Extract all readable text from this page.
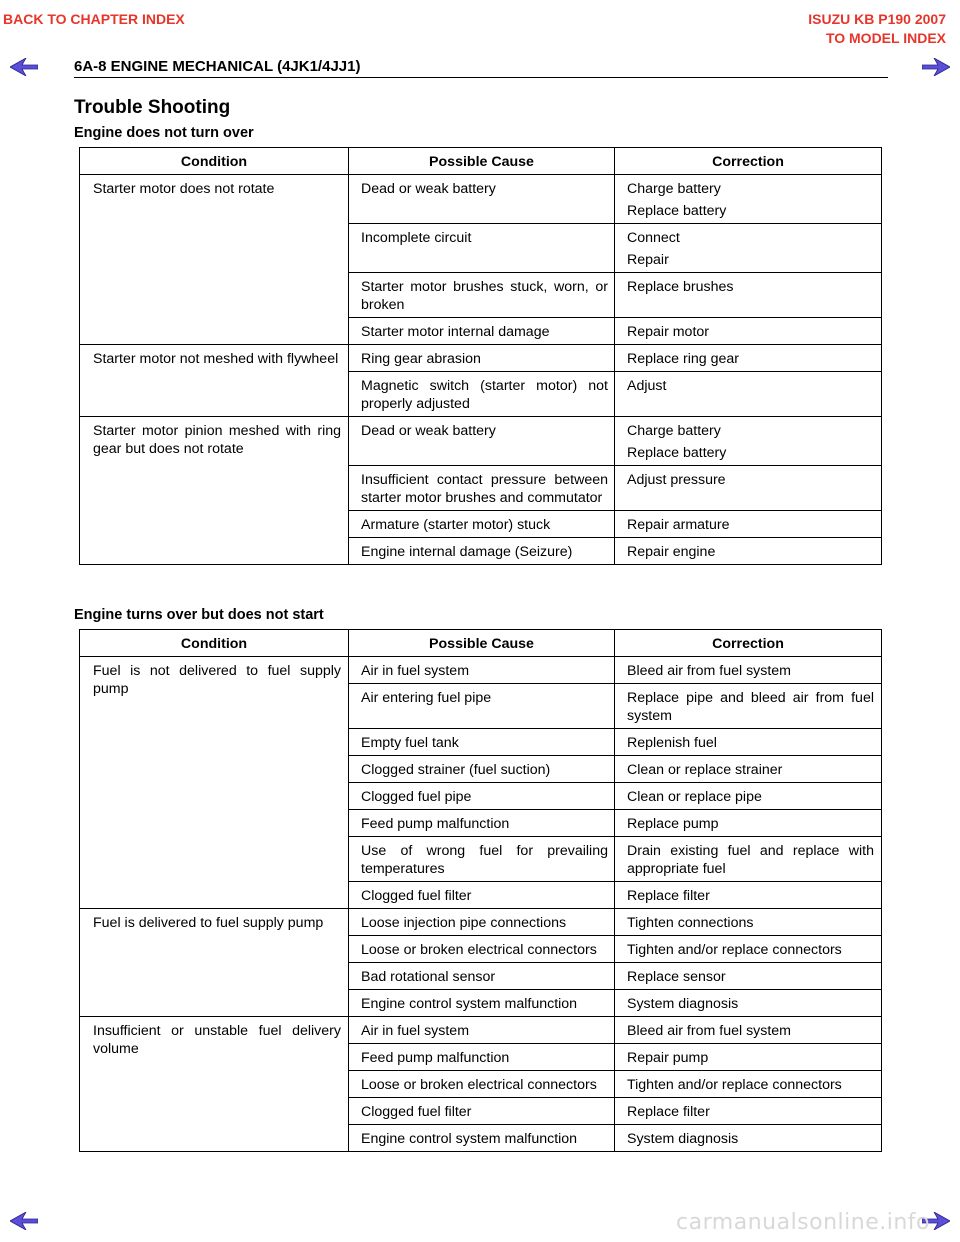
BACK TO CHAPTER INDEX	ISUZU KB P190 2007
TO MODEL INDEX
6A-8 ENGINE MECHANICAL (4JK1/4JJ1)
Trouble Shooting
Engine does not turn over
Condition	Possible Cause	Correction
Starter motor does not rotate	Dead or weak battery	Charge battery
Replace battery

	Incomplete circuit	Connect
Repair

	Starter motor brushes stuck, worn, or broken	Replace brushes

	Starter motor internal damage	Repair motor

Starter motor not meshed with flywheel	Ring gear abrasion	Replace ring gear

	Magnetic switch (starter motor) not properly adjusted	Adjust

Starter motor pinion meshed with ring gear but does not rotate	Dead or weak battery	Charge battery
Replace battery

	Insufficient contact pressure between starter motor brushes and commutator	Adjust pressure

	Armature (starter motor) stuck	Repair armature

	Engine internal damage (Seizure)	Repair engine
Engine turns over but does not start
Condition	Possible Cause	Correction
Fuel is not delivered to fuel supply pump	Air in fuel system	Bleed air from fuel system

	Air entering fuel pipe	Replace pipe and bleed air from fuel system

	Empty fuel tank	Replenish fuel

	Clogged strainer (fuel suction)	Clean or replace strainer

	Clogged fuel pipe	Clean or replace pipe

	Feed pump malfunction	Replace pump

	Use of wrong fuel for prevailing temperatures	Drain existing fuel and replace with appropriate fuel

	Clogged fuel filter	Replace filter

Fuel is delivered to fuel supply pump	Loose injection pipe connections	Tighten connections

	Loose or broken electrical connectors	Tighten and/or replace connectors

	Bad rotational sensor	Replace sensor

	Engine control system malfunction	System diagnosis

Insufficient or unstable fuel delivery volume	Air in fuel system	Bleed air from fuel system

	Feed pump malfunction	Repair pump

	Loose or broken electrical connectors	Tighten and/or replace connectors

	Clogged fuel filter	Replace filter

	Engine control system malfunction	System diagnosis
carmanualsonline.info
